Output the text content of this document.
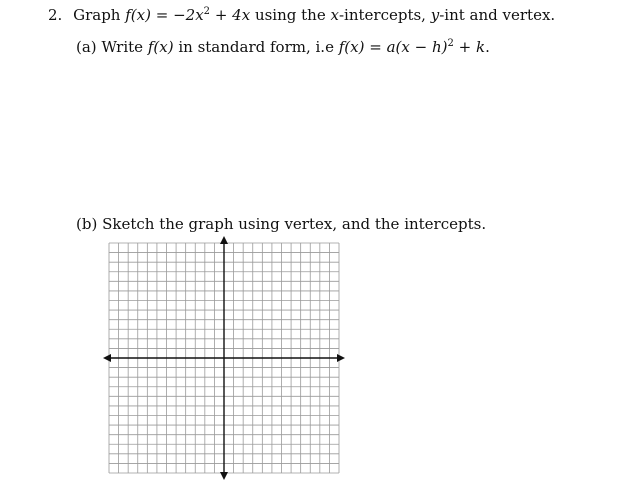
2. Graph $f(x) = -2x^2 + 4x$ using the x-intercepts, y-int and vertex.
(a) Write f(x) in standard form, i.e $f(x) = a(x - h)^2 + k$.
(b) Sketch the graph using vertex, and the intercepts.
